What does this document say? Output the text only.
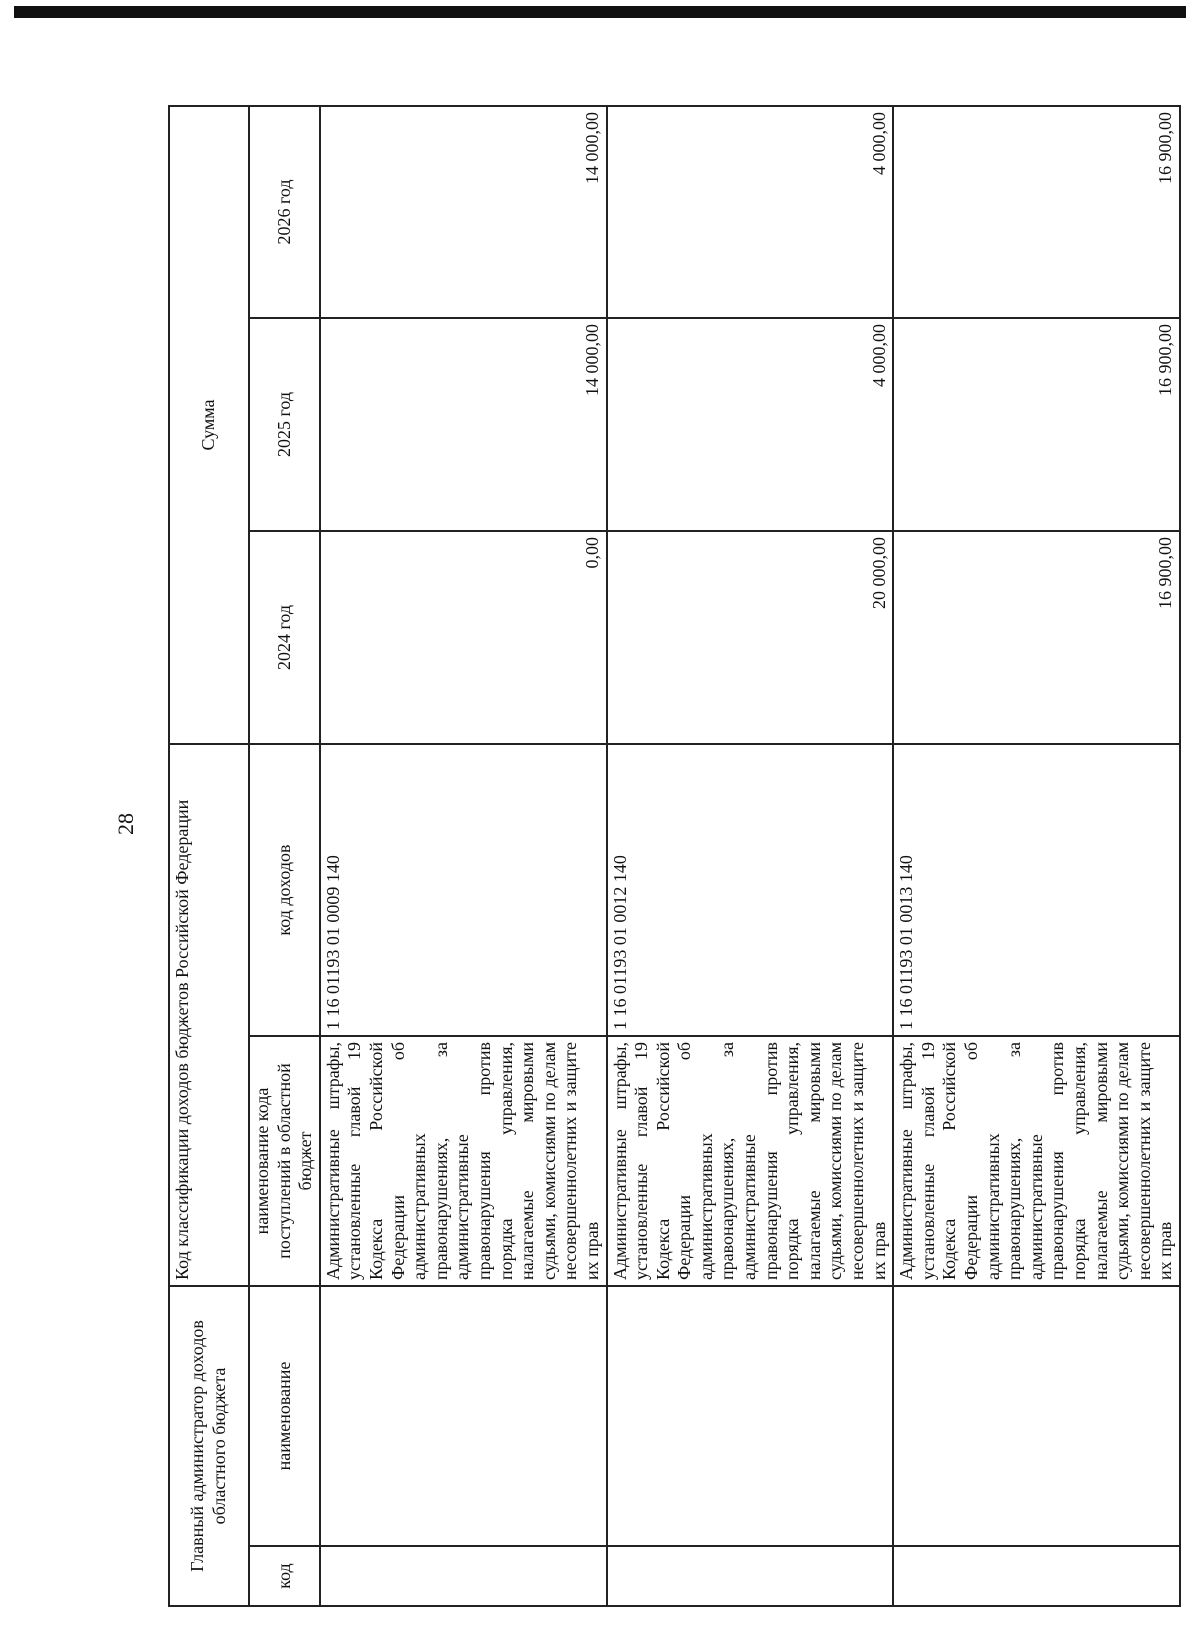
28
Главный администратор доходов областного бюджета		Код классификации доходов бюджетов Российской Федерации		Сумма		
код	наименование	наименование кода поступлений в областной бюджет	код доходов	2024 год	2025 год	2026 год
		Административные штрафы, установленные главой 19 Кодекса Российской Федерации об административных правонарушениях, за административные правонарушения против порядка управления, налагаемые мировыми судьями, комиссиями по делам несовершеннолетних и защите их прав	1 16 01193 01 0009 140	0,00	14 000,00	14 000,00
		Административные штрафы, установленные главой 19 Кодекса Российской Федерации об административных правонарушениях, за административные правонарушения против порядка управления, налагаемые мировыми судьями, комиссиями по делам несовершеннолетних и защите их прав	1 16 01193 01 0012 140	20 000,00	4 000,00	4 000,00
		Административные штрафы, установленные главой 19 Кодекса Российской Федерации об административных правонарушениях, за административные правонарушения против порядка управления, налагаемые мировыми судьями, комиссиями по делам несовершеннолетних и защите их прав	1 16 01193 01 0013 140	16 900,00	16 900,00	16 900,00
